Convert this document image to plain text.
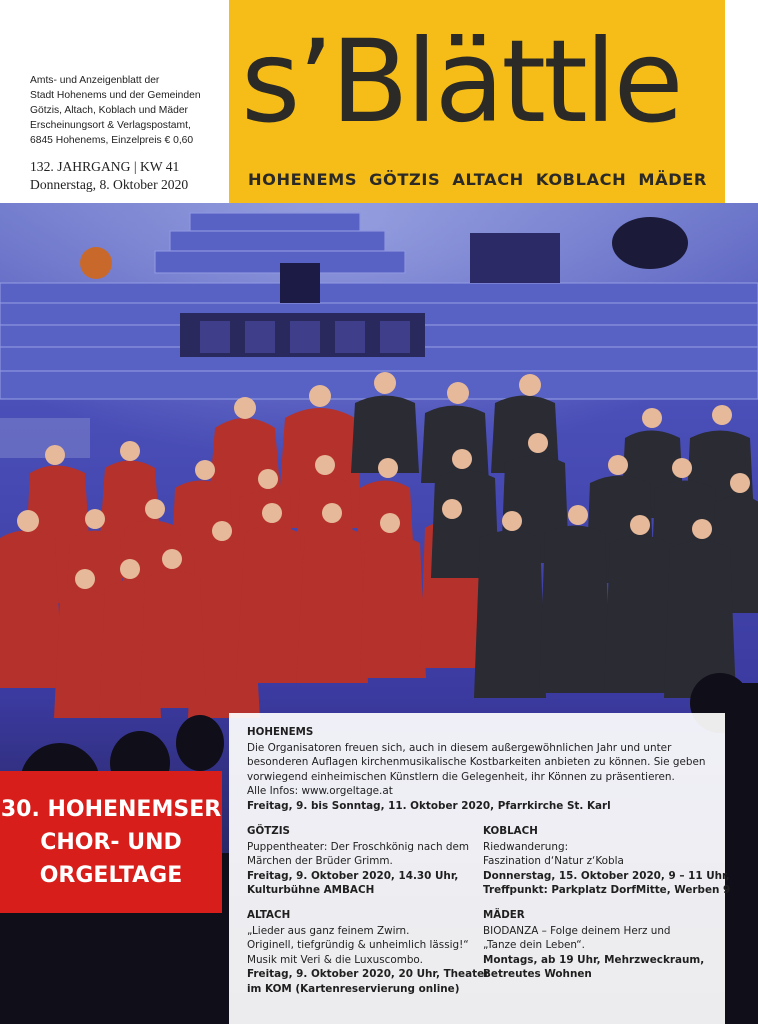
Amts- und Anzeigenblatt der
Stadt Hohenems und der Gemeinden
Götzis, Altach, Koblach und Mäder
Erscheinungsort & Verlagspostamt,
6845 Hohenems, Einzelpreis € 0,60
132. JAHRGANG | KW 41
Donnerstag, 8. Oktober 2020
s’Blättle
HOHENEMS GÖTZIS ALTACH KOBLACH MÄDER
30. HOHENEMSER
CHOR- UND
ORGELTAGE
HOHENEMS
Die Organisatoren freuen sich, auch in diesem außergewöhnlichen Jahr und unter
besonderen Auflagen kirchenmusikalische Kostbarkeiten anbieten zu können. Sie geben
vorwiegend einheimischen Künstlern die Gelegenheit, ihr Können zu präsentieren.
Alle Infos: www.orgeltage.at
Freitag, 9. bis Sonntag, 11. Oktober 2020, Pfarrkirche St. Karl
GÖTZIS
Puppentheater: Der Froschkönig nach dem
Märchen der Brüder Grimm.
Freitag, 9. Oktober 2020, 14.30 Uhr,
Kulturbühne AMBACH
KOBLACH
Riedwanderung:
Faszination d‘Natur z‘Kobla
Donnerstag, 15. Oktober 2020, 9 – 11 Uhr,
Treffpunkt: Parkplatz DorfMitte, Werben 9
ALTACH
„Lieder aus ganz feinem Zwirn.
Originell, tiefgründig & unheimlich lässig!“
Musik mit Veri & die Luxuscombo.
Freitag, 9. Oktober 2020, 20 Uhr, Theater
im KOM (Kartenreservierung online)
MÄDER
BIODANZA – Folge deinem Herz und
„Tanze dein Leben“.
Montags, ab 19 Uhr, Mehrzweckraum,
Betreutes Wohnen
